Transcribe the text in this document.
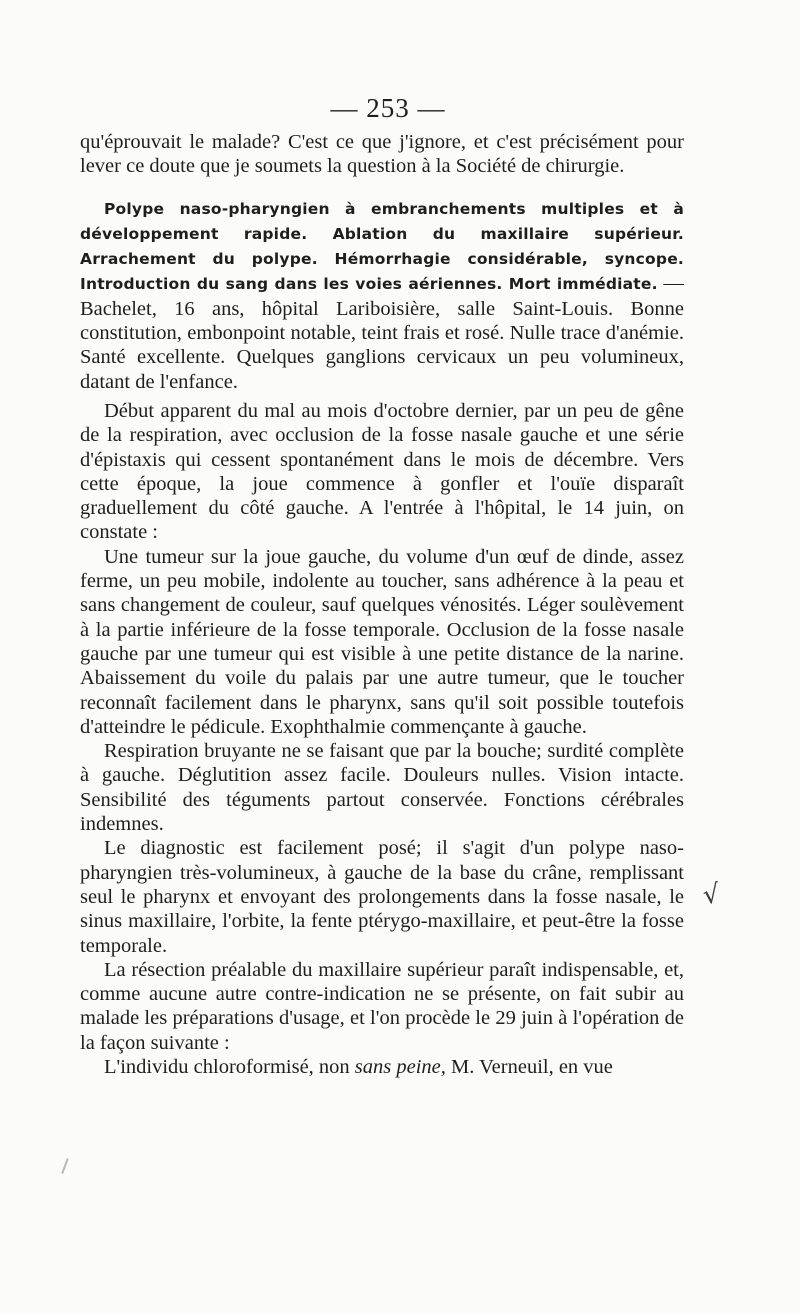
— 253 —

qu'éprouvait le malade? C'est ce que j'ignore, et c'est précisément pour lever ce doute que je soumets la question à la Société de chirurgie.

Polype naso-pharyngien à embranchements multiples et à développement rapide. Ablation du maxillaire supérieur. Arrachement du polype. Hémorrhagie considérable, syncope. Introduction du sang dans les voies aériennes. Mort immédiate. — Bachelet, 16 ans, hôpital Lariboisière, salle Saint-Louis. Bonne constitution, embonpoint notable, teint frais et rosé. Nulle trace d'anémie. Santé excellente. Quelques ganglions cervicaux un peu volumineux, datant de l'enfance.

Début apparent du mal au mois d'octobre dernier, par un peu de gêne de la respiration, avec occlusion de la fosse nasale gauche et une série d'épistaxis qui cessent spontanément dans le mois de décembre. Vers cette époque, la joue commence à gonfler et l'ouïe disparaît graduellement du côté gauche. A l'entrée à l'hôpital, le 14 juin, on constate :

Une tumeur sur la joue gauche, du volume d'un œuf de dinde, assez ferme, un peu mobile, indolente au toucher, sans adhérence à la peau et sans changement de couleur, sauf quelques vénosités. Léger soulèvement à la partie inférieure de la fosse temporale. Occlusion de la fosse nasale gauche par une tumeur qui est visible à une petite distance de la narine. Abaissement du voile du palais par une autre tumeur, que le toucher reconnaît facilement dans le pharynx, sans qu'il soit possible toutefois d'atteindre le pédicule. Exophthalmie commençante à gauche.

Respiration bruyante ne se faisant que par la bouche; surdité complète à gauche. Déglutition assez facile. Douleurs nulles. Vision intacte. Sensibilité des téguments partout conservée. Fonctions cérébrales indemnes.

Le diagnostic est facilement posé; il s'agit d'un polype naso-pharyngien très-volumineux, à gauche de la base du crâne, remplissant seul le pharynx et envoyant des prolongements dans la fosse nasale, le sinus maxillaire, l'orbite, la fente ptérygo-maxillaire, et peut-être la fosse temporale.

La résection préalable du maxillaire supérieur paraît indispensable, et, comme aucune autre contre-indication ne se présente, on fait subir au malade les préparations d'usage, et l'on procède le 29 juin à l'opération de la façon suivante :

L'individu chloroformisé, non sans peine, M. Verneuil, en vue

√
